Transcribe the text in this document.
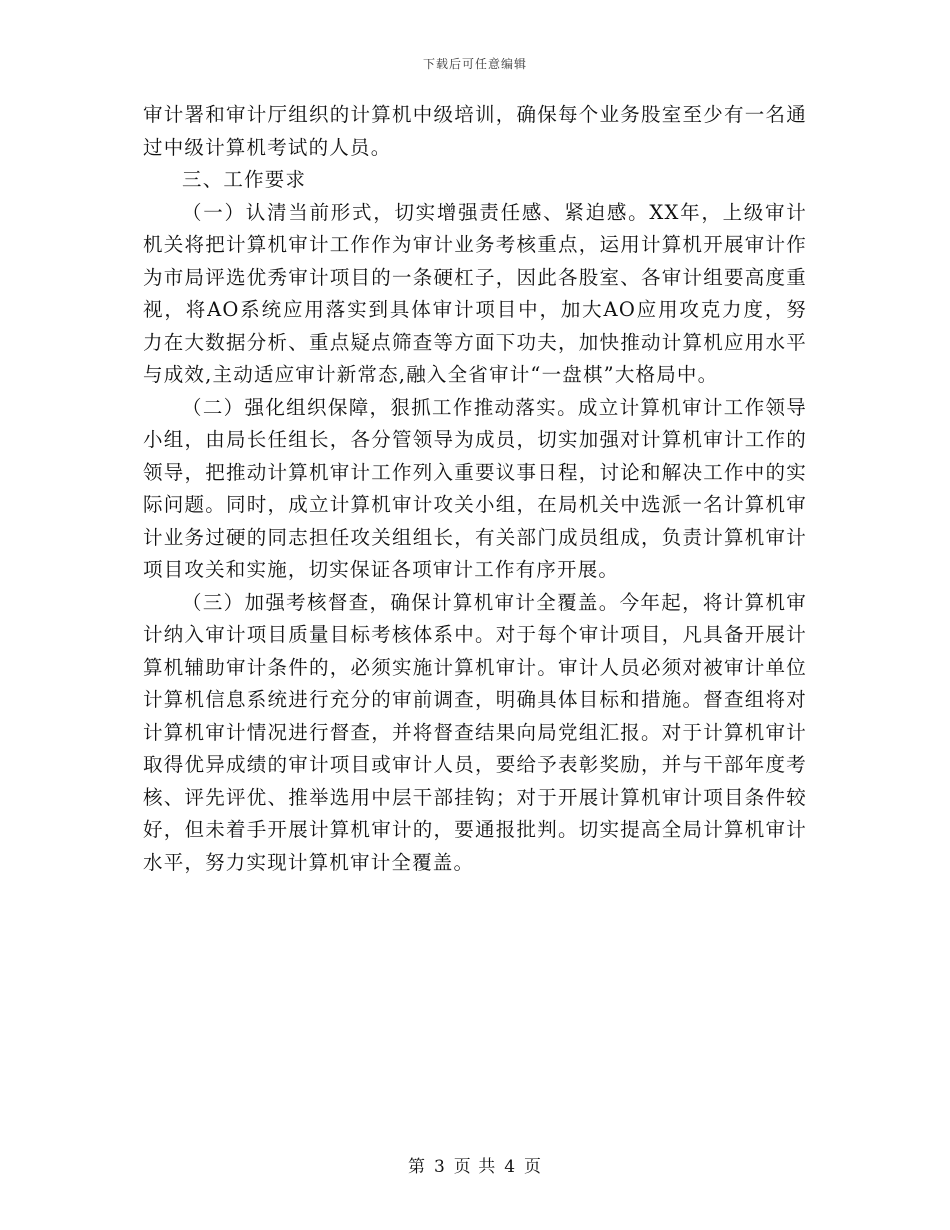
下载后可任意编辑

审计署和审计厅组织的计算机中级培训，确保每个业务股室至少有一名通过中级计算机考试的人员。

三、工作要求

（一）认清当前形式，切实增强责任感、紧迫感。XX年，上级审计机关将把计算机审计工作作为审计业务考核重点，运用计算机开展审计作为市局评选优秀审计项目的一条硬杠子，因此各股室、各审计组要高度重视，将AO系统应用落实到具体审计项目中，加大AO应用攻克力度，努力在大数据分析、重点疑点筛查等方面下功夫，加快推动计算机应用水平与成效,主动适应审计新常态,融入全省审计“一盘棋”大格局中。

（二）强化组织保障，狠抓工作推动落实。成立计算机审计工作领导小组，由局长任组长，各分管领导为成员，切实加强对计算机审计工作的领导，把推动计算机审计工作列入重要议事日程，讨论和解决工作中的实际问题。同时，成立计算机审计攻关小组，在局机关中选派一名计算机审计业务过硬的同志担任攻关组组长，有关部门成员组成，负责计算机审计项目攻关和实施，切实保证各项审计工作有序开展。

（三）加强考核督查，确保计算机审计全覆盖。今年起，将计算机审计纳入审计项目质量目标考核体系中。对于每个审计项目，凡具备开展计算机辅助审计条件的，必须实施计算机审计。审计人员必须对被审计单位计算机信息系统进行充分的审前调查，明确具体目标和措施。督查组将对计算机审计情况进行督查，并将督查结果向局党组汇报。对于计算机审计取得优异成绩的审计项目或审计人员，要给予表彰奖励，并与干部年度考核、评先评优、推举选用中层干部挂钩；对于开展计算机审计项目条件较好，但未着手开展计算机审计的，要通报批判。切实提高全局计算机审计水平，努力实现计算机审计全覆盖。

第 3 页 共 4 页
